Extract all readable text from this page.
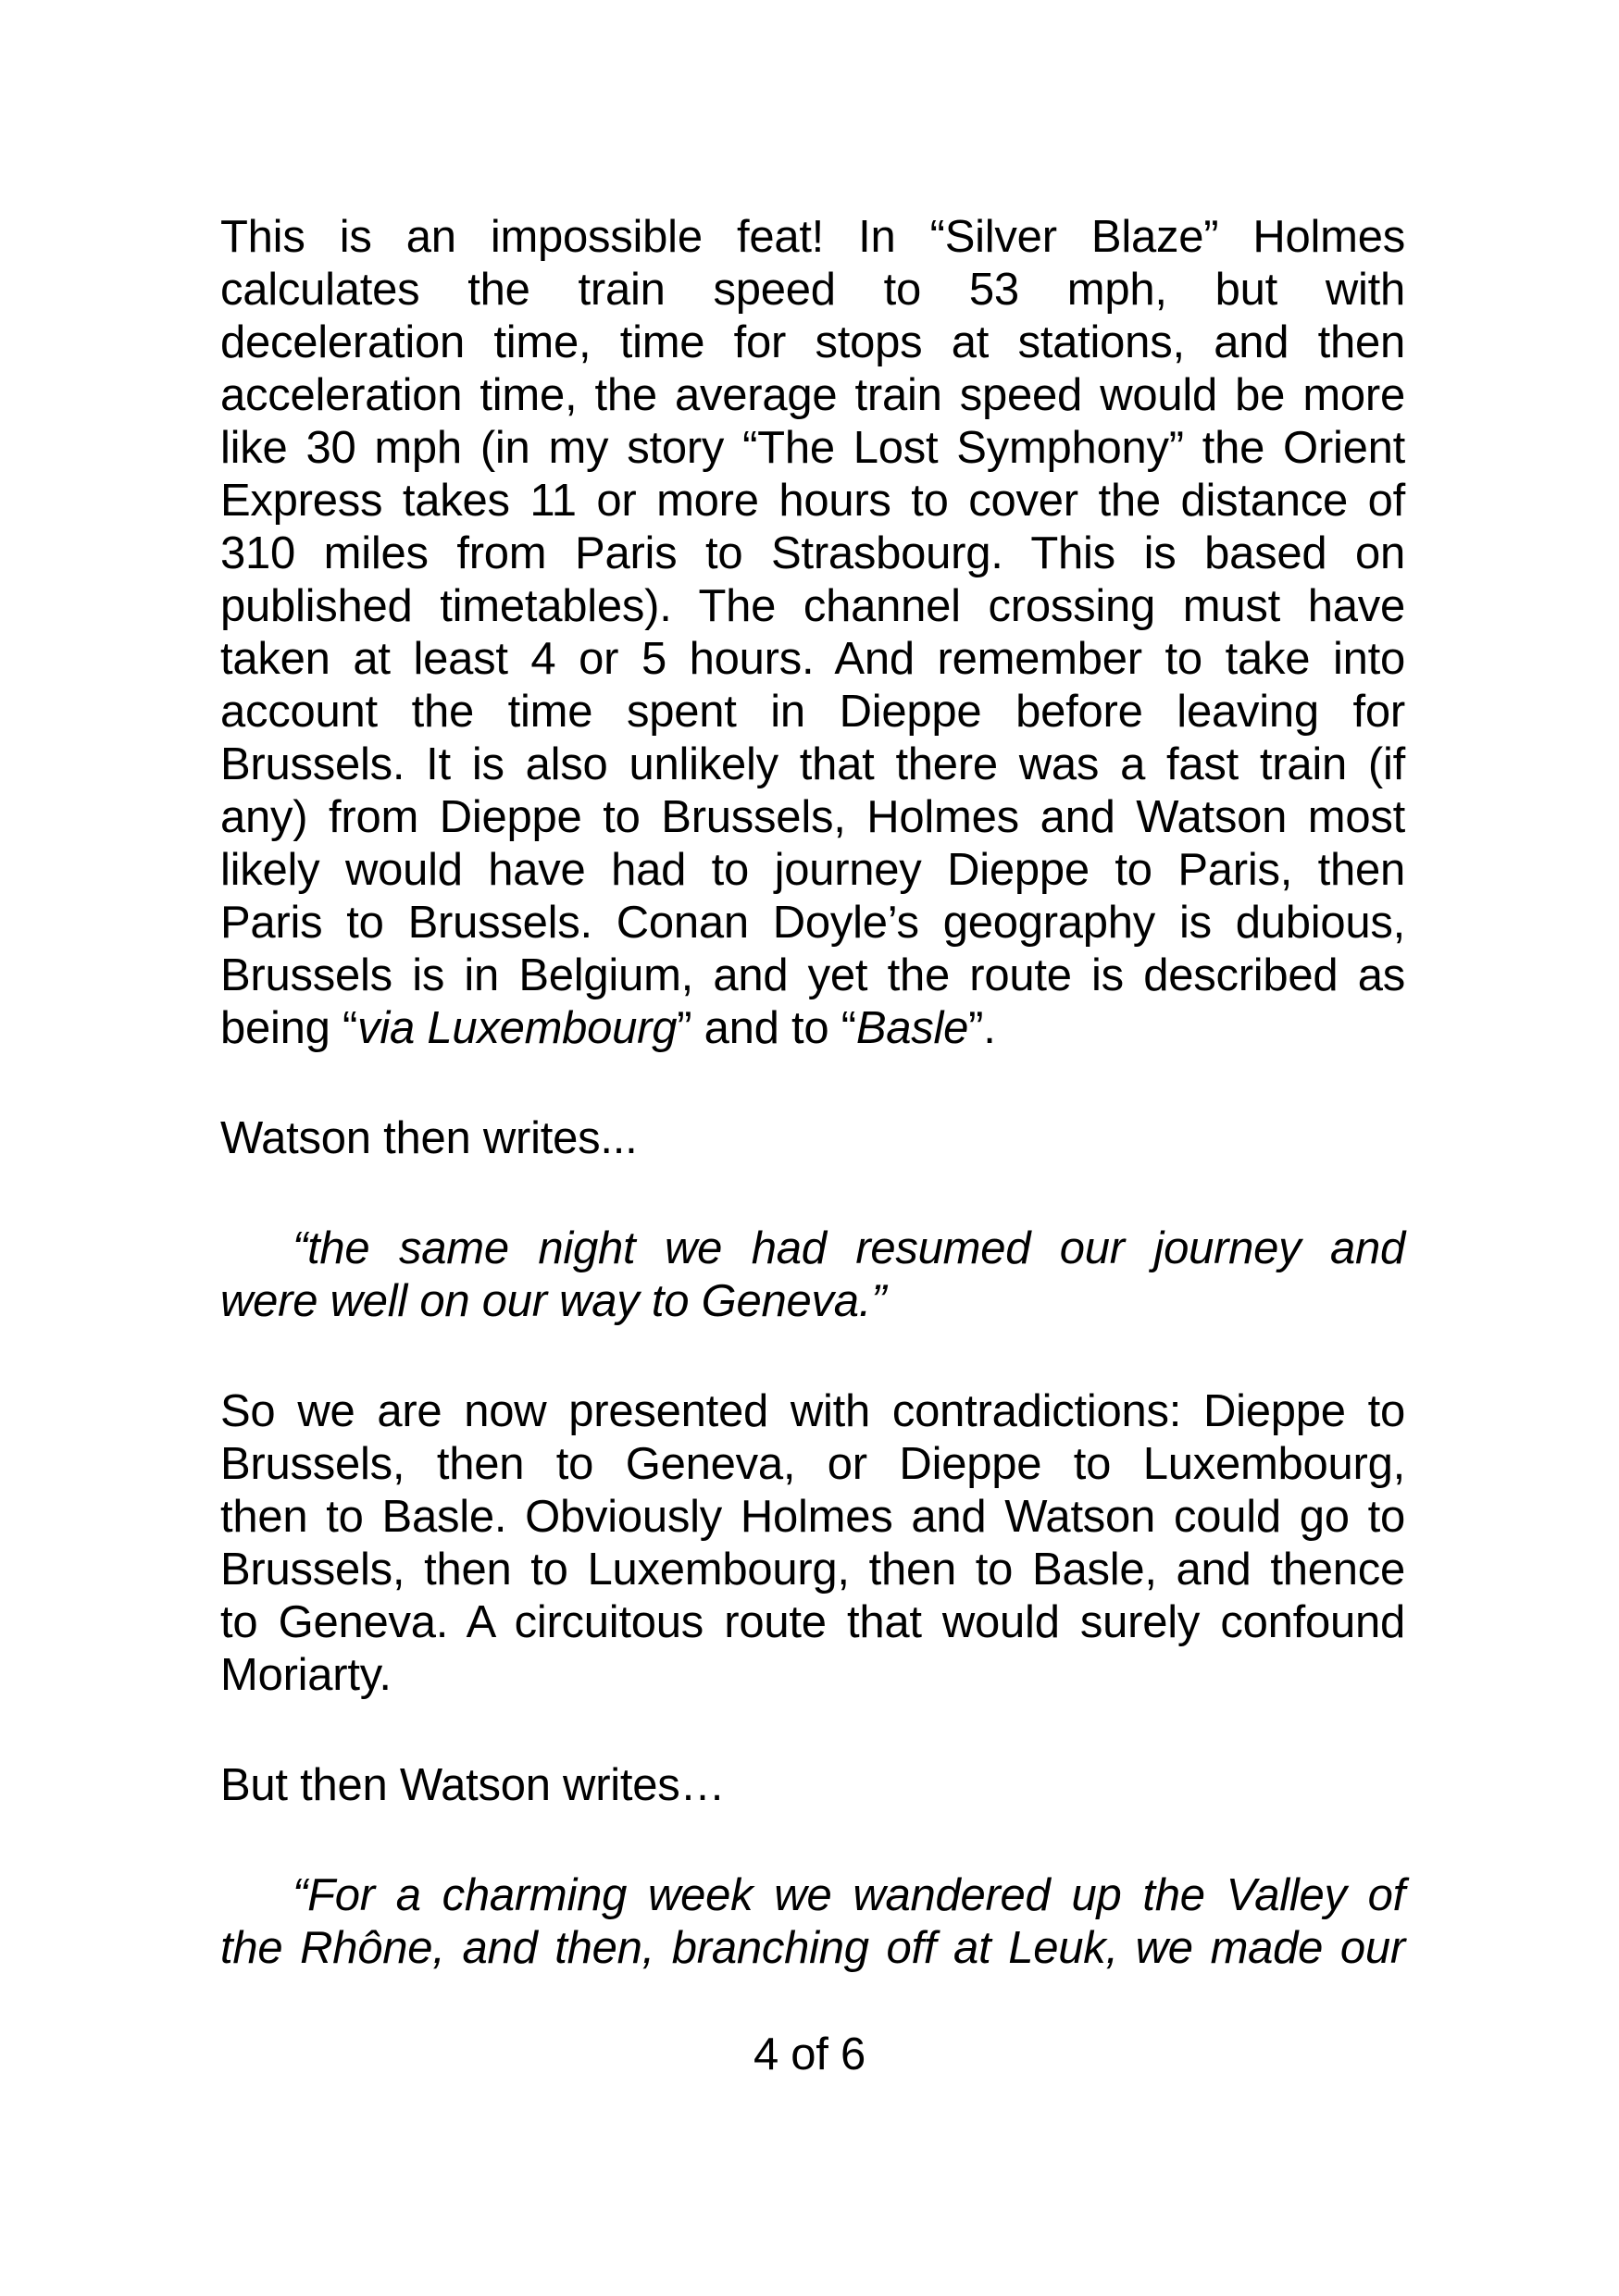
This is an impossible feat! In “Silver Blaze” Holmes
calculates the train speed to 53 mph, but with
deceleration time, time for stops at stations, and then
acceleration time, the average train speed would be more
like 30 mph (in my story “The Lost Symphony” the Orient
Express takes 11 or more hours to cover the distance of
310 miles from Paris to Strasbourg. This is based on
published timetables). The channel crossing must have
taken at least 4 or 5 hours. And remember to take into
account the time spent in Dieppe before leaving for
Brussels. It is also unlikely that there was a fast train (if
any) from Dieppe to Brussels, Holmes and Watson most
likely would have had to journey Dieppe to Paris, then
Paris to Brussels. Conan Doyle’s geography is dubious,
Brussels is in Belgium, and yet the route is described as
being “via Luxembourg” and to “Basle”.
Watson then writes...
“the same night we had resumed our journey and
were well on our way to Geneva.”
So we are now presented with contradictions: Dieppe to
Brussels, then to Geneva, or Dieppe to Luxembourg,
then to Basle. Obviously Holmes and Watson could go to
Brussels, then to Luxembourg, then to Basle, and thence
to Geneva. A circuitous route that would surely confound
Moriarty.
But then Watson writes…
“For a charming week we wandered up the Valley of
the Rhône, and then, branching off at Leuk, we made our
4 of 6
